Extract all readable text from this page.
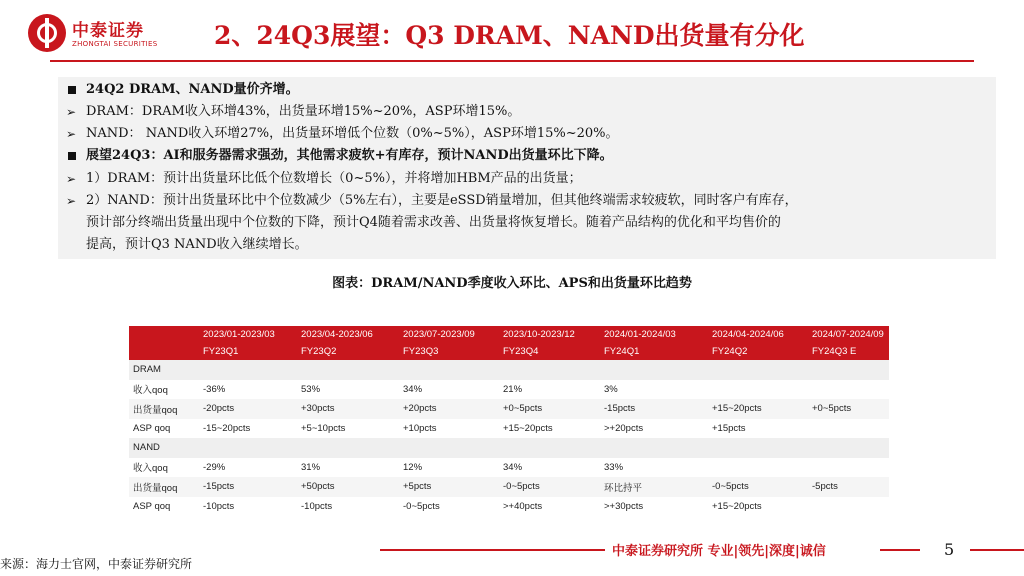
中泰证券
ZHONGTAI SECURITIES 2、24Q3展望：Q3 DRAM、NAND出货量有分化
24Q2 DRAM、NAND量价齐增。
➢ DRAM：DRAM收入环增43%，出货量环增15%~20%，ASP环增15%。
➢ NAND： NAND收入环增27%，出货量环增低个位数（0%~5%），ASP环增15%~20%。
展望24Q3：AI和服务器需求强劲，其他需求疲软+有库存，预计NAND出货量环比下降。
➢ 1）DRAM：预计出货量环比低个位数增长（0~5%），并将增加HBM产品的出货量；
➢ 2）NAND：预计出货量环比中个位数减少（5%左右），主要是eSSD销量增加，但其他终端需求较疲软，同时客户有库存，
预计部分终端出货量出现中个位数的下降，预计Q4随着需求改善、出货量将恢复增长。随着产品结构的优化和平均售价的
提高，预计Q3 NAND收入继续增长。
图表：DRAM/NAND季度收入环比、APS和出货量环比趋势
	2023/01-2023/03	2023/04-2023/06	2023/07-2023/09	2023/10-2023/12	2024/01-2024/03	2024/04-2024/06	2024/07-2024/09
	FY23Q1	FY23Q2	FY23Q3	FY23Q4	FY24Q1	FY24Q2	FY24Q3 E
DRAM							
收入qoq	-36%	53%	34%	21%	3%		
出货量qoq	-20pcts	+30pcts	+20pcts	+0~5pcts	-15pcts	+15~20pcts	+0~5pcts
ASP qoq	-15~20pcts	+5~10pcts	+10pcts	+15~20pcts	>+20pcts	+15pcts	
NAND							
收入qoq	-29%	31%	12%	34%	33%		
出货量qoq	-15pcts	+50pcts	+5pcts	-0~5pcts	环比持平	-0~5pcts	-5pcts
ASP qoq	-10pcts	-10pcts	-0~5pcts	>+40pcts	>+30pcts	+15~20pcts	
中泰证券研究所 专业|领先|深度|诚信	5
来源：海力士官网，中泰证券研究所
